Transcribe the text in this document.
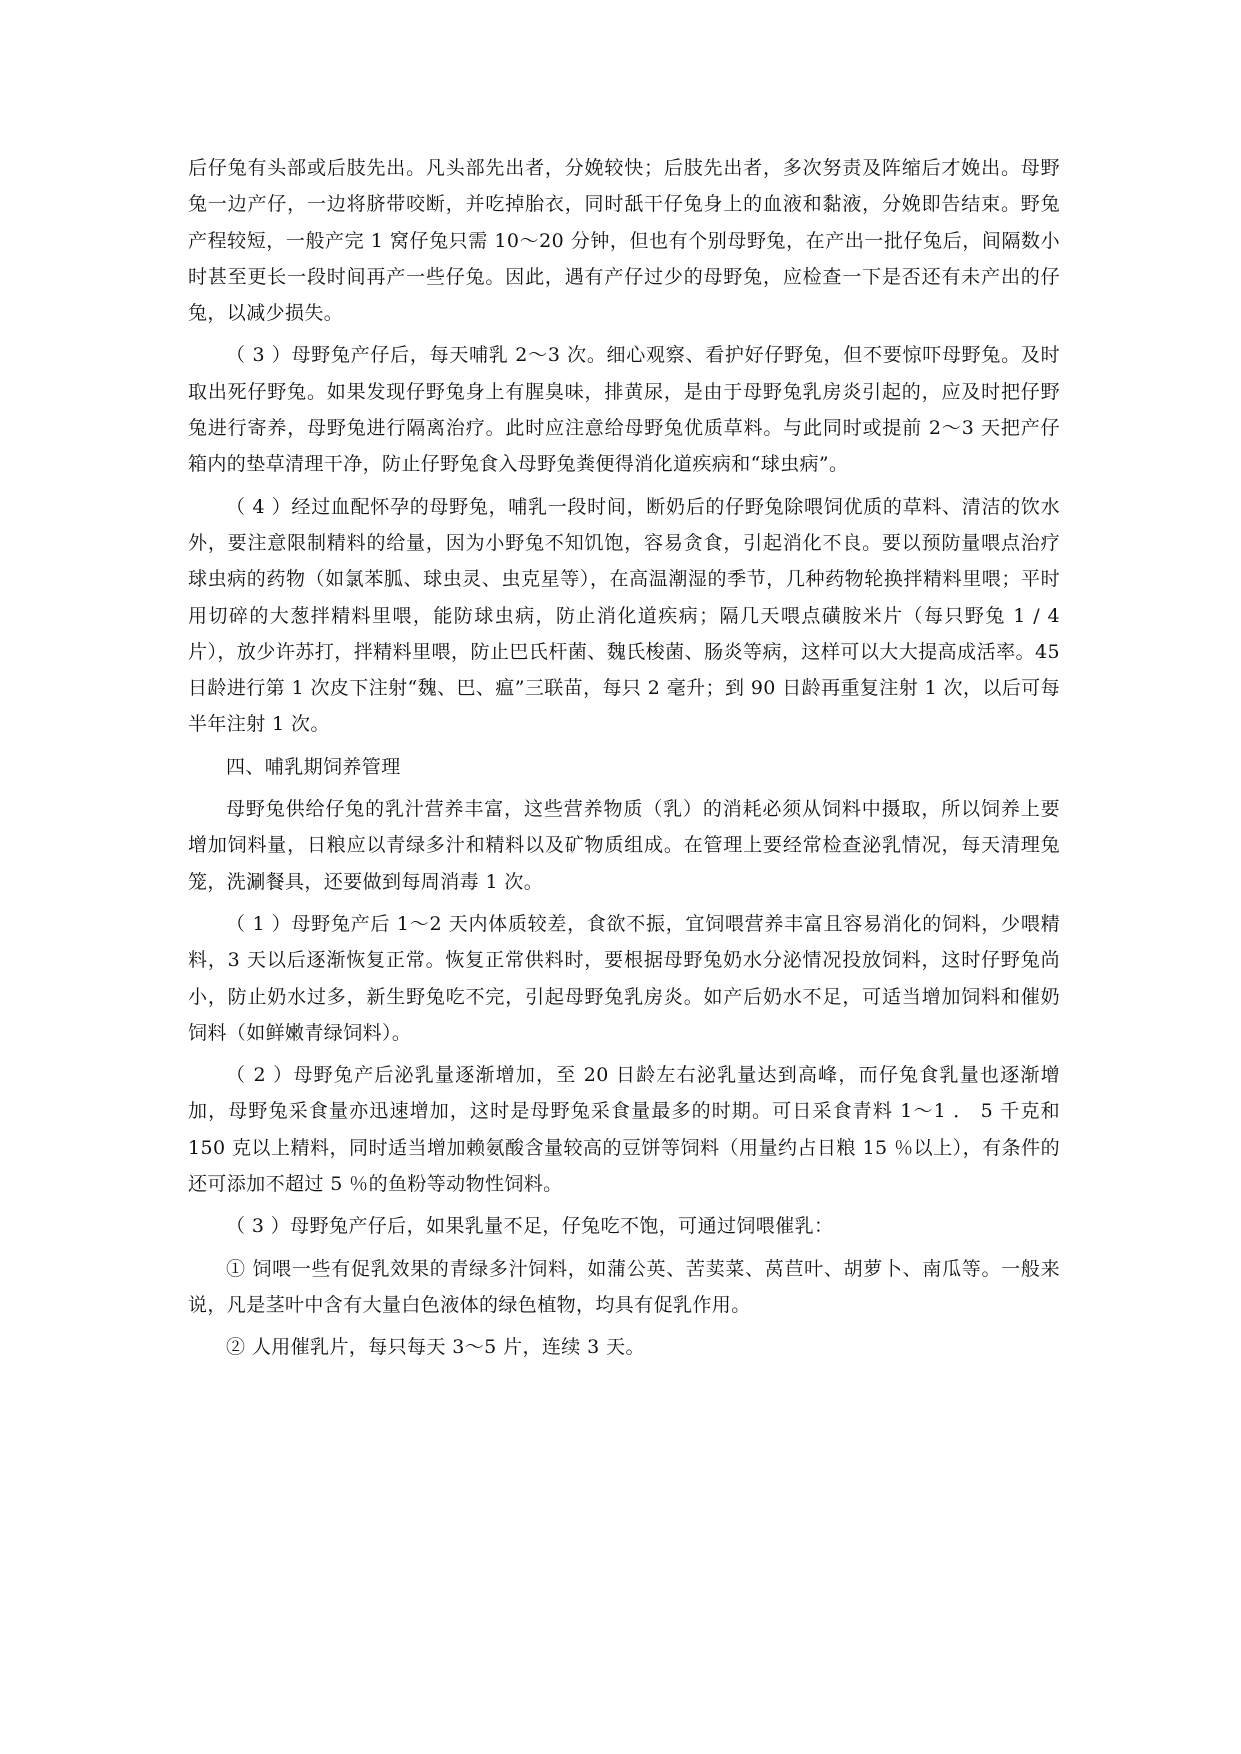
后仔兔有头部或后肢先出。凡头部先出者，分娩较快；后肢先出者，多次努责及阵缩后才娩出。母野兔一边产仔，一边将脐带咬断，并吃掉胎衣，同时舐干仔兔身上的血液和黏液，分娩即告结束。野兔产程较短，一般产完 1 窝仔兔只需 10～20 分钟，但也有个别母野兔，在产出一批仔兔后，间隔数小时甚至更长一段时间再产一些仔兔。因此，遇有产仔过少的母野兔，应检查一下是否还有未产出的仔兔，以减少损失。

（ 3 ）母野兔产仔后，每天哺乳 2～3 次。细心观察、看护好仔野兔，但不要惊吓母野兔。及时取出死仔野兔。如果发现仔野兔身上有腥臭味，排黄尿，是由于母野兔乳房炎引起的，应及时把仔野兔进行寄养，母野兔进行隔离治疗。此时应注意给母野兔优质草料。与此同时或提前 2～3 天把产仔箱内的垫草清理干净，防止仔野兔食入母野兔粪便得消化道疾病和“球虫病”。

（ 4 ）经过血配怀孕的母野兔，哺乳一段时间，断奶后的仔野兔除喂饲优质的草料、清洁的饮水外，要注意限制精料的给量，因为小野兔不知饥饱，容易贪食，引起消化不良。要以预防量喂点治疗球虫病的药物（如氯苯胍、球虫灵、虫克星等），在高温潮湿的季节，几种药物轮换拌精料里喂；平时用切碎的大葱拌精料里喂，能防球虫病，防止消化道疾病；隔几天喂点磺胺米片（每只野兔 1 / 4 片），放少许苏打，拌精料里喂，防止巴氏杆菌、魏氏梭菌、肠炎等病，这样可以大大提高成活率。45 日龄进行第 1 次皮下注射“魏、巴、瘟”三联苗，每只 2 毫升；到 90 日龄再重复注射 1 次，以后可每半年注射 1 次。

四、哺乳期饲养管理

母野兔供给仔兔的乳汁营养丰富，这些营养物质（乳）的消耗必须从饲料中摄取，所以饲养上要增加饲料量，日粮应以青绿多汁和精料以及矿物质组成。在管理上要经常检查泌乳情况，每天清理兔笼，洗涮餐具，还要做到每周消毒 1 次。

（ 1 ）母野兔产后 1～2 天内体质较差，食欲不振，宜饲喂营养丰富且容易消化的饲料，少喂精料，3 天以后逐渐恢复正常。恢复正常供料时，要根据母野兔奶水分泌情况投放饲料，这时仔野兔尚小，防止奶水过多，新生野兔吃不完，引起母野兔乳房炎。如产后奶水不足，可适当增加饲料和催奶饲料（如鲜嫩青绿饲料）。

（ 2 ）母野兔产后泌乳量逐渐增加，至 20 日龄左右泌乳量达到高峰，而仔兔食乳量也逐渐增加，母野兔采食量亦迅速增加，这时是母野兔采食量最多的时期。可日采食青料 1～1 ． 5 千克和 150 克以上精料，同时适当增加赖氨酸含量较高的豆饼等饲料（用量约占日粮 15 ％以上），有条件的还可添加不超过 5 ％的鱼粉等动物性饲料。

（ 3 ）母野兔产仔后，如果乳量不足，仔兔吃不饱，可通过饲喂催乳：

① 饲喂一些有促乳效果的青绿多汁饲料，如蒲公英、苦荬菜、莴苣叶、胡萝卜、南瓜等。一般来说，凡是茎叶中含有大量白色液体的绿色植物，均具有促乳作用。

② 人用催乳片，每只每天 3～5 片，连续 3 天。
